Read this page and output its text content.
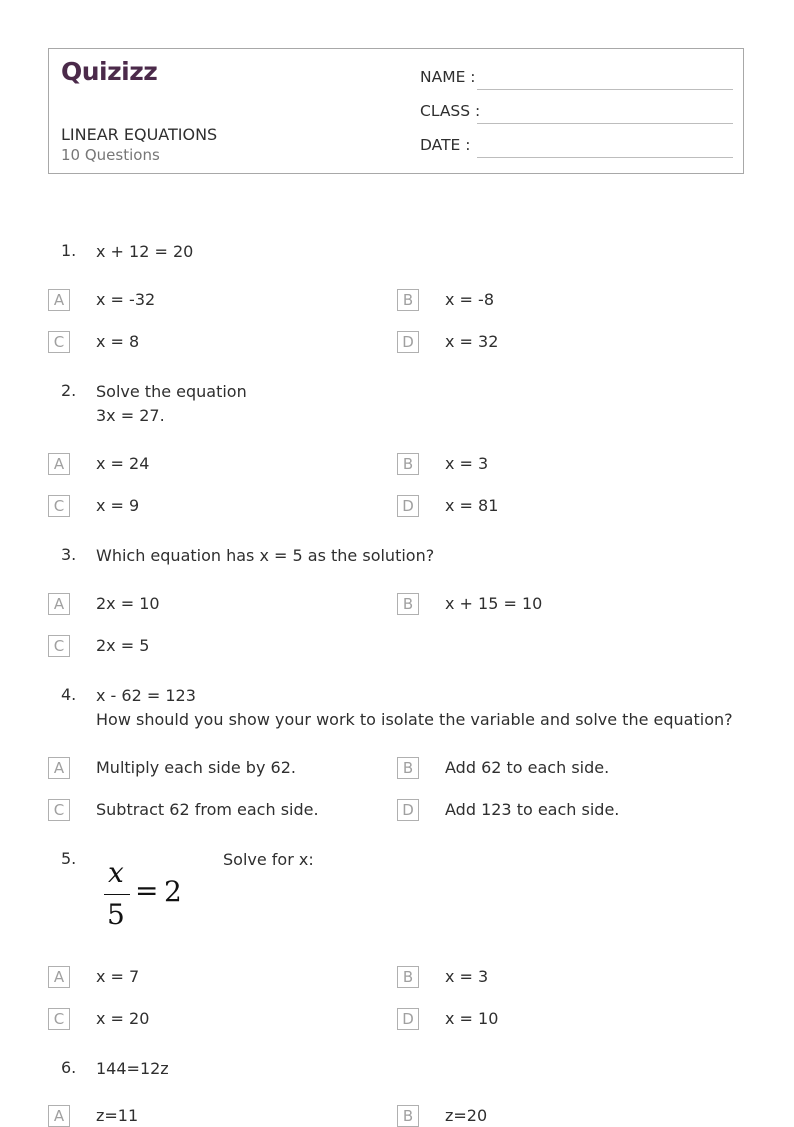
Quizizz
LINEAR EQUATIONS
10 Questions
NAME :
CLASS :
DATE :
1. x + 12 = 20
A	x = -32	B	x = -8
C	x = 8	D	x = 32
2. Solve the equation
3x = 27.
A	x = 24	B	x = 3
C	x = 9	D	x = 81
3. Which equation has x = 5 as the solution?
A	2x = 10	B	x + 15 = 10
C	2x = 5
4. x - 62 = 123
How should you show your work to isolate the variable and solve the equation?
A	Multiply each side by 62.	B	Add 62 to each side.
C	Subtract 62 from each side.	D	Add 123 to each side.
5. x
5
= 2
Solve for x:
A	x = 7	B	x = 3
C	x = 20	D	x = 10
6. 144=12z
A	z=11	B	z=20
